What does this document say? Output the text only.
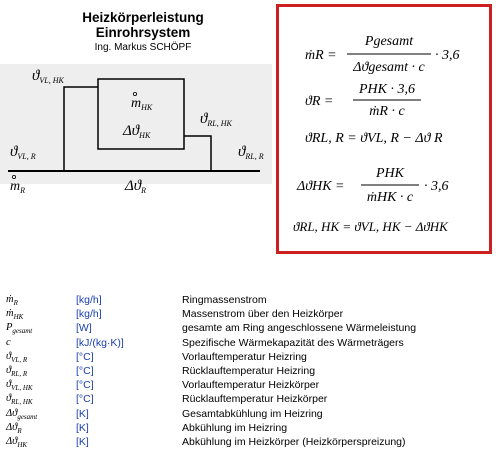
Heizkörperleistung
Einrohrsystem
Ing. Markus SCHÖPF
$ϑ_{VL, HK}$
$m_{HK}$
$\Delta ϑ_{HK}$
$ϑ_{RL, HK}$
$ϑ_{VL, R}$	$ϑ_{RL, R}$
$m_R$	$\Delta ϑ_R$
ṁR =
Pgesamt
Δϑgesamt · c
· 3,6
ϑR =
PHK · 3,6
ṁR · c
ϑRL, R = ϑVL, R − Δϑ R
ΔϑHK =
PHK
ṁHK · c
· 3,6
ϑRL, HK = ϑVL, HK − ΔϑHK
ṁ$_R$	[kg/h]	Ringmassenstrom
ṁ$_{HK}$	[kg/h]	Massenstrom über den Heizkörper
$P_{gesamt}$	[W]	gesamte am Ring angeschlossene Wärmeleistung
c	[kJ/(kg·K)]	Spezifische Wärmekapazität des Wärmeträgers
$ϑ_{VL, R}$	[°C]	Vorlauftemperatur Heizring
$ϑ_{RL, R}$	[°C]	Rücklauftemperatur Heizring
$ϑ_{VL, HK}$	[°C]	Vorlauftemperatur Heizkörper
$ϑ_{RL, HK}$	[°C]	Rücklauftemperatur Heizkörper
$\Delta ϑ_{gesamt}$	[K]	Gesamtabkühlung im Heizring
$\Delta ϑ_R$	[K]	Abkühlung im Heizring
$\Delta ϑ_{HK}$	[K]	Abkühlung im Heizkörper (Heizkörperspreizung)
